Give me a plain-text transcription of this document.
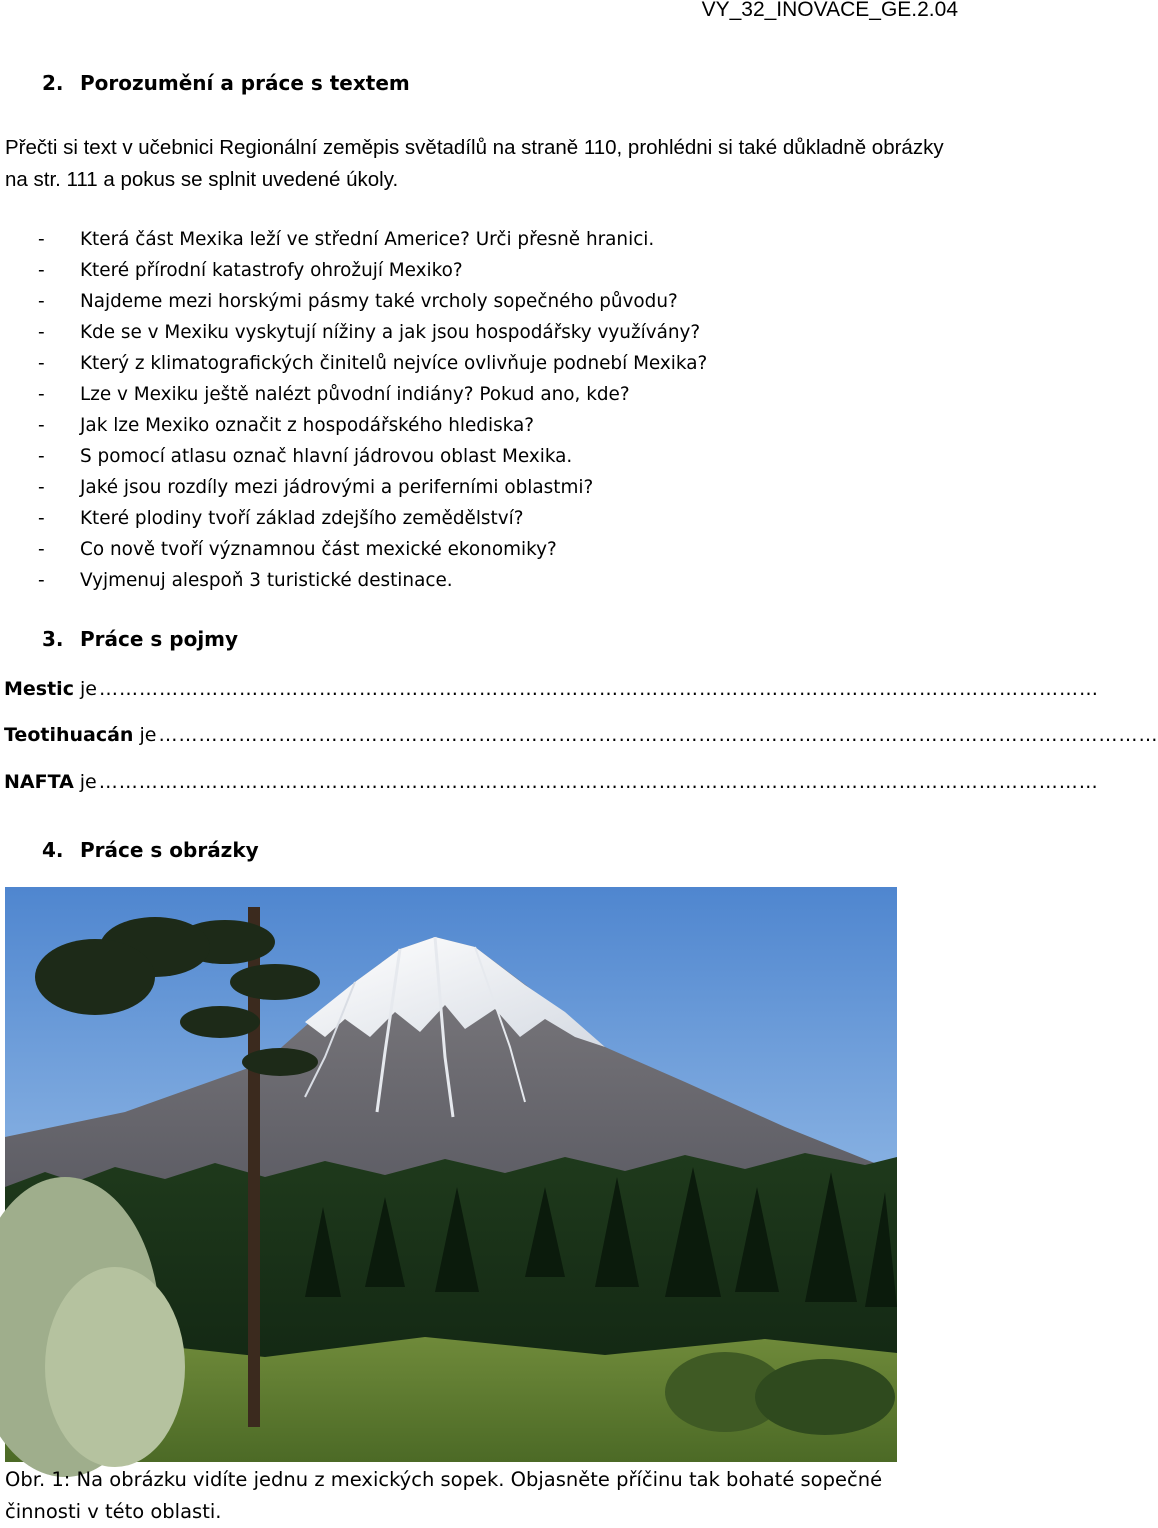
VY_32_INOVACE_GE.2.04
2. Porozumění a práce s textem
Přečti si text v učebnici Regionální zeměpis světadílů na straně 110, prohlédni si také důkladně obrázky na str. 111 a pokus se splnit uvedené úkoly.
- Která část Mexika leží ve střední Americe? Urči přesně hranici.
- Které přírodní katastrofy ohrožují Mexiko?
- Najdeme mezi horskými pásmy také vrcholy sopečného původu?
- Kde se v Mexiku vyskytují nížiny a jak jsou hospodářsky využívány?
- Který z klimatografických činitelů nejvíce ovlivňuje podnebí Mexika?
- Lze v Mexiku ještě nalézt původní indiány? Pokud ano, kde?
- Jak lze Mexiko označit z hospodářského hlediska?
- S pomocí atlasu označ hlavní jádrovou oblast Mexika.
- Jaké jsou rozdíly mezi jádrovými a periferními oblastmi?
- Které plodiny tvoří základ zdejšího zemědělství?
- Co nově tvoří významnou část mexické ekonomiky?
- Vyjmenuj alespoň 3 turistické destinace.
3. Práce s pojmy
Mestic je ……………………………………………………………………………………………………………………………………
Teotihuacán je ……………………………………………………………………………………………………………………………………
NAFTA je ……………………………………………………………………………………………………………………………………
4. Práce s obrázky
Obr. 1: Na obrázku vidíte jednu z mexických sopek. Objasněte příčinu tak bohaté sopečné činnosti v této oblasti.
